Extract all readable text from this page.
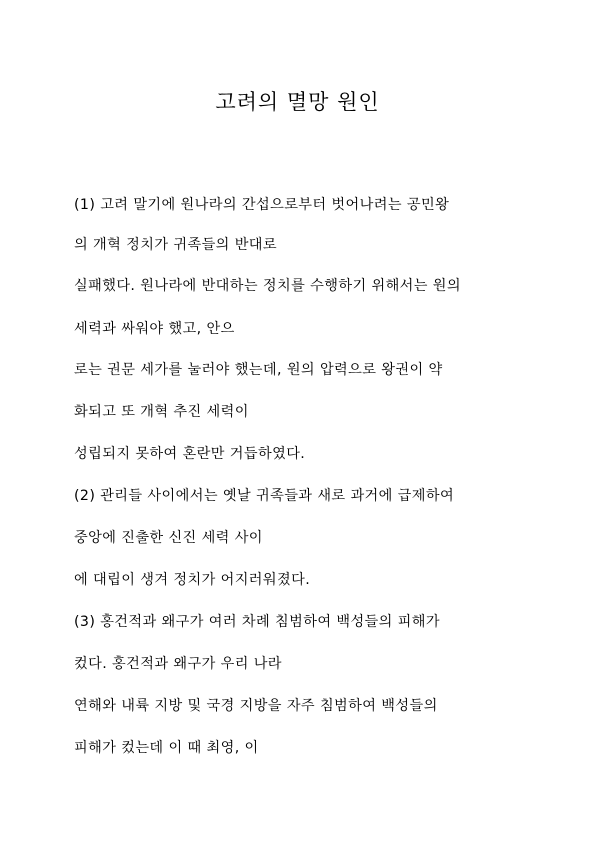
고려의 멸망 원인
(1) 고려 말기에 원나라의 간섭으로부터 벗어나려는 공민왕
의 개혁 정치가 귀족들의 반대로
실패했다. 원나라에 반대하는 정치를 수행하기 위해서는 원의
세력과 싸워야 했고, 안으
로는 권문 세가를 눌러야 했는데, 원의 압력으로 왕권이 약
화되고 또 개혁 추진 세력이
성립되지 못하여 혼란만 거듭하였다.
(2) 관리들 사이에서는 옛날 귀족들과 새로 과거에 급제하여
중앙에 진출한 신진 세력 사이
에 대립이 생겨 정치가 어지러워졌다.
(3) 홍건적과 왜구가 여러 차례 침범하여 백성들의 피해가
컸다. 홍건적과 왜구가 우리 나라
연해와 내륙 지방 및 국경 지방을 자주 침범하여 백성들의
피해가 컸는데 이 때 최영, 이
